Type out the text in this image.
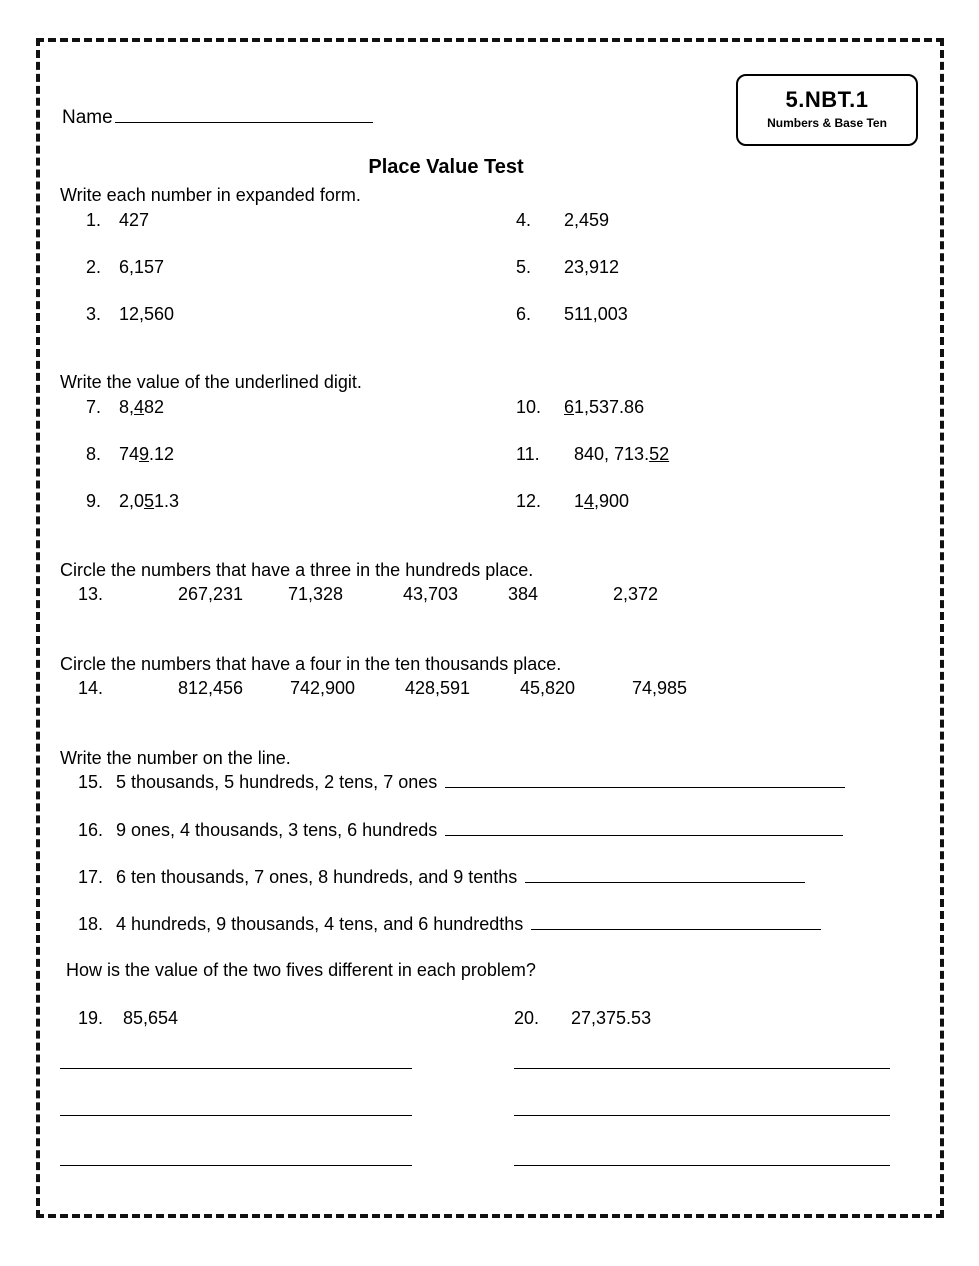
5.NBT.1
Numbers & Base Ten
Name
Place Value Test
Write each number in expanded form.
1. 427
2. 6,157
3. 12,560
4.	2,459
5.	23,912
6.	511,003
Write the value of the underlined digit.
7. 8,482
8. 749.12
9. 2,051.3
10.	61,537.86
11.	840, 713.52
12.	14,900
Circle the numbers that have a three in the hundreds place.
13.	267,231 71,328	43,703	384	2,372
Circle the numbers that have a four in the ten thousands place.
14.	812,456	742,900	428,591	45,820	74,985
Write the number on the line.
15. 5 thousands, 5 hundreds, 2 tens, 7 ones
16. 9 ones, 4 thousands, 3 tens, 6 hundreds
17. 6 ten thousands, 7 ones, 8 hundreds, and 9 tenths
18. 4 hundreds, 9 thousands, 4 tens, and 6 hundredths
How is the value of the two fives different in each problem?
19. 85,654	20. 27,375.53
